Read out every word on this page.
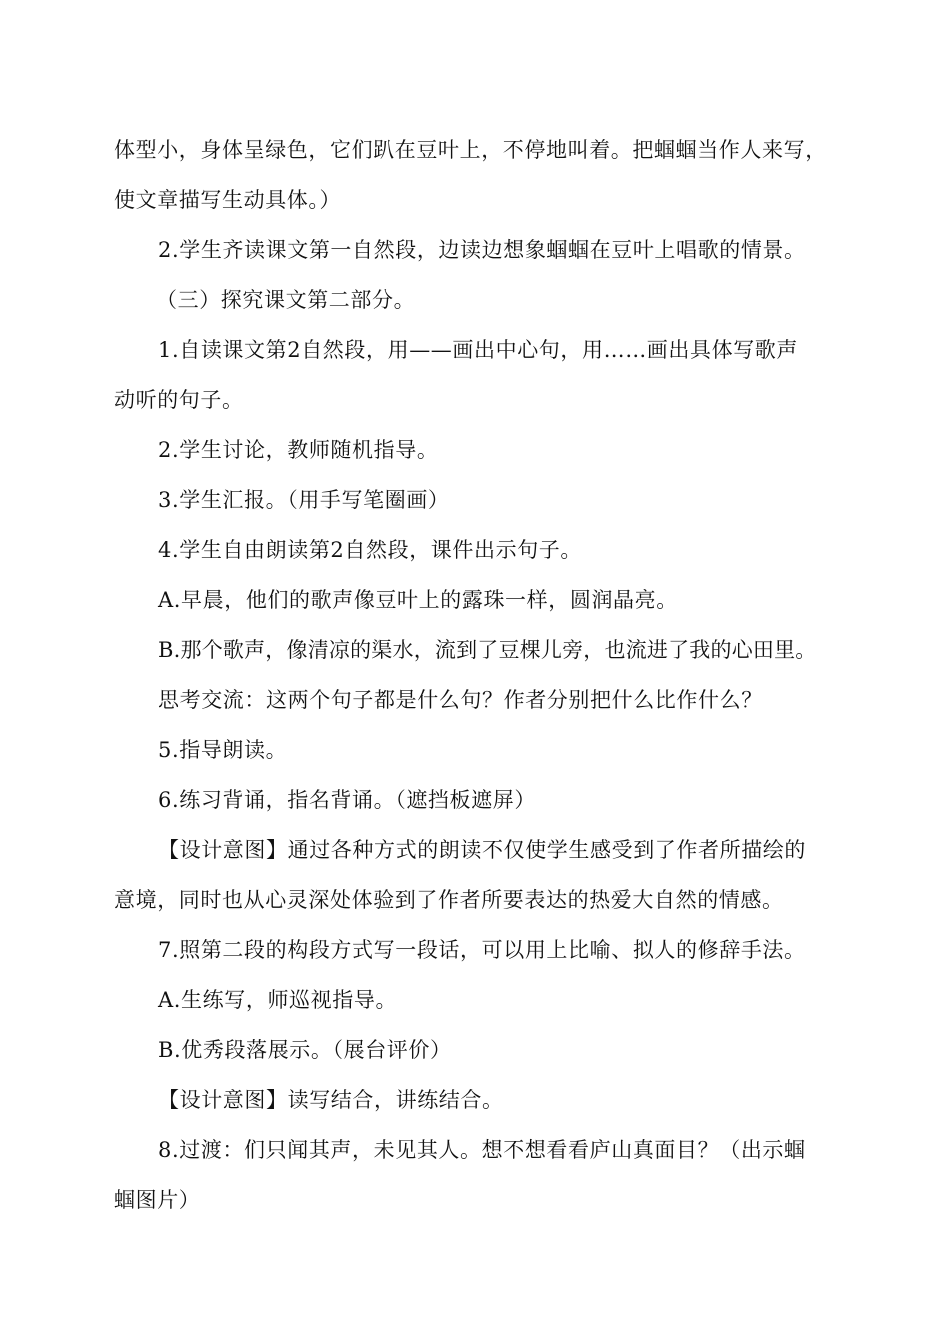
体型小，身体呈绿色，它们趴在豆叶上，不停地叫着。把蝈蝈当作人来写，
使文章描写生动具体。）
2.学生齐读课文第一自然段，边读边想象蝈蝈在豆叶上唱歌的情景。
（三）探究课文第二部分。
1.自读课文第2自然段，用——画出中心句，用……画出具体写歌声
动听的句子。
2.学生讨论，教师随机指导。
3.学生汇报。（用手写笔圈画）
4.学生自由朗读第2自然段，课件出示句子。
A.早晨，他们的歌声像豆叶上的露珠一样，圆润晶亮。
B.那个歌声，像清凉的渠水，流到了豆棵儿旁，也流进了我的心田里。
思考交流：这两个句子都是什么句？作者分别把什么比作什么？
5.指导朗读。
6.练习背诵，指名背诵。（遮挡板遮屏）
【设计意图】通过各种方式的朗读不仅使学生感受到了作者所描绘的
意境，同时也从心灵深处体验到了作者所要表达的热爱大自然的情感。
7.照第二段的构段方式写一段话，可以用上比喻、拟人的修辞手法。
A.生练写，师巡视指导。
B.优秀段落展示。（展台评价）
【设计意图】读写结合，讲练结合。
8.过渡：们只闻其声，未见其人。想不想看看庐山真面目？（出示蝈
蝈图片）
